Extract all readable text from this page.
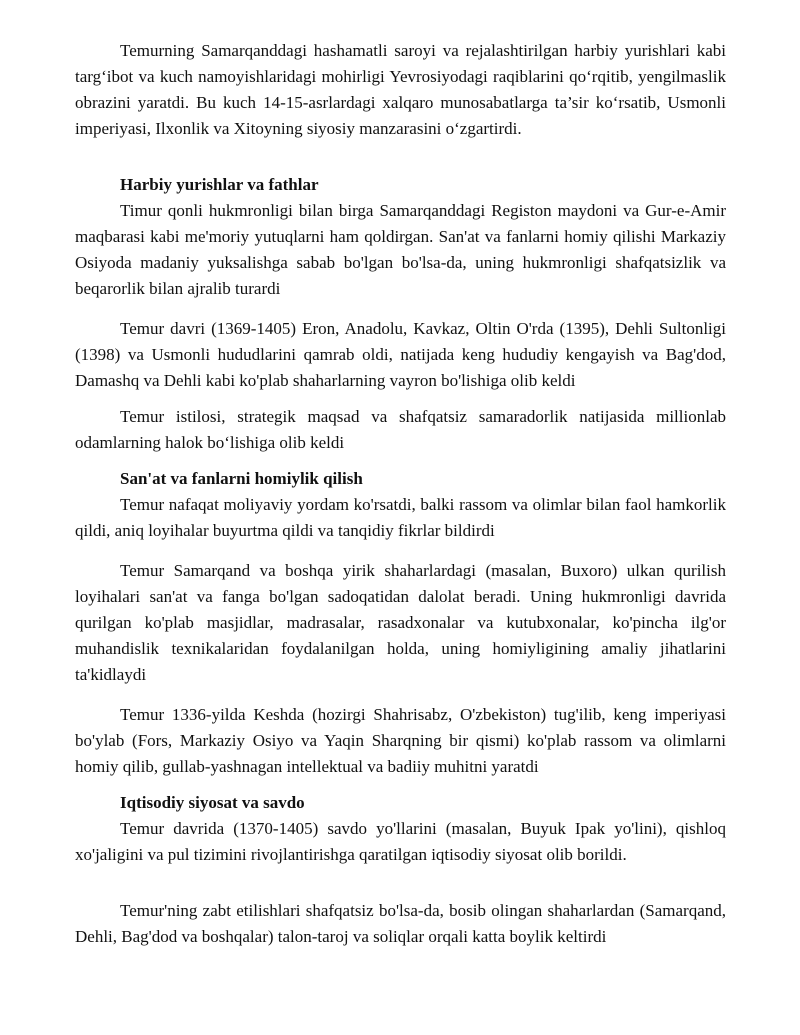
Temurning Samarqanddagi hashamatli saroyi va rejalashtirilgan harbiy yurishlari kabi targ‘ibot va kuch namoyishlaridagi mohirligi Yevrosiyodagi raqiblarini qo‘rqitib, yengilmaslik obrazini yaratdi. Bu kuch 14-15-asrlardagi xalqaro munosabatlarga ta’sir ko‘rsatib, Usmonli imperiyasi, Ilxonlik va Xitoyning siyosiy manzarasini o‘zgartirdi.

Harbiy yurishlar va fathlar

Timur qonli hukmronligi bilan birga Samarqanddagi Registon maydoni va Gur-e-Amir maqbarasi kabi me'moriy yutuqlarni ham qoldirgan. San'at va fanlarni homiy qilishi Markaziy Osiyoda madaniy yuksalishga sabab bo'lgan bo'lsa-da, uning hukmronligi shafqatsizlik va beqarorlik bilan ajralib turardi

Temur davri (1369-1405) Eron, Anadolu, Kavkaz, Oltin O'rda (1395), Dehli Sultonligi (1398) va Usmonli hududlarini qamrab oldi, natijada keng hududiy kengayish va Bag'dod, Damashq va Dehli kabi ko'plab shaharlarning vayron bo'lishiga olib keldi

Temur istilosi, strategik maqsad va shafqatsiz samaradorlik natijasida millionlab odamlarning halok bo‘lishiga olib keldi

San'at va fanlarni homiylik qilish

Temur nafaqat moliyaviy yordam ko'rsatdi, balki rassom va olimlar bilan faol hamkorlik qildi, aniq loyihalar buyurtma qildi va tanqidiy fikrlar bildirdi

Temur Samarqand va boshqa yirik shaharlardagi (masalan, Buxoro) ulkan qurilish loyihalari san'at va fanga bo'lgan sadoqatidan dalolat beradi. Uning hukmronligi davrida qurilgan ko'plab masjidlar, madrasalar, rasadxonalar va kutubxonalar, ko'pincha ilg'or muhandislik texnikalaridan foydalanilgan holda, uning homiyligining amaliy jihatlarini ta'kidlaydi

Temur 1336-yilda Keshda (hozirgi Shahrisabz, O'zbekiston) tug'ilib, keng imperiyasi bo'ylab (Fors, Markaziy Osiyo va Yaqin Sharqning bir qismi) ko'plab rassom va olimlarni homiy qilib, gullab-yashnagan intellektual va badiiy muhitni yaratdi

Iqtisodiy siyosat va savdo

Temur davrida (1370-1405) savdo yo'llarini (masalan, Buyuk Ipak yo'lini), qishloq xo'jaligini va pul tizimini rivojlantirishga qaratilgan iqtisodiy siyosat olib borildi.

Temur'ning zabt etilishlari shafqatsiz bo'lsa-da, bosib olingan shaharlardan (Samarqand, Dehli, Bag'dod va boshqalar) talon-taroj va soliqlar orqali katta boylik keltirdi
